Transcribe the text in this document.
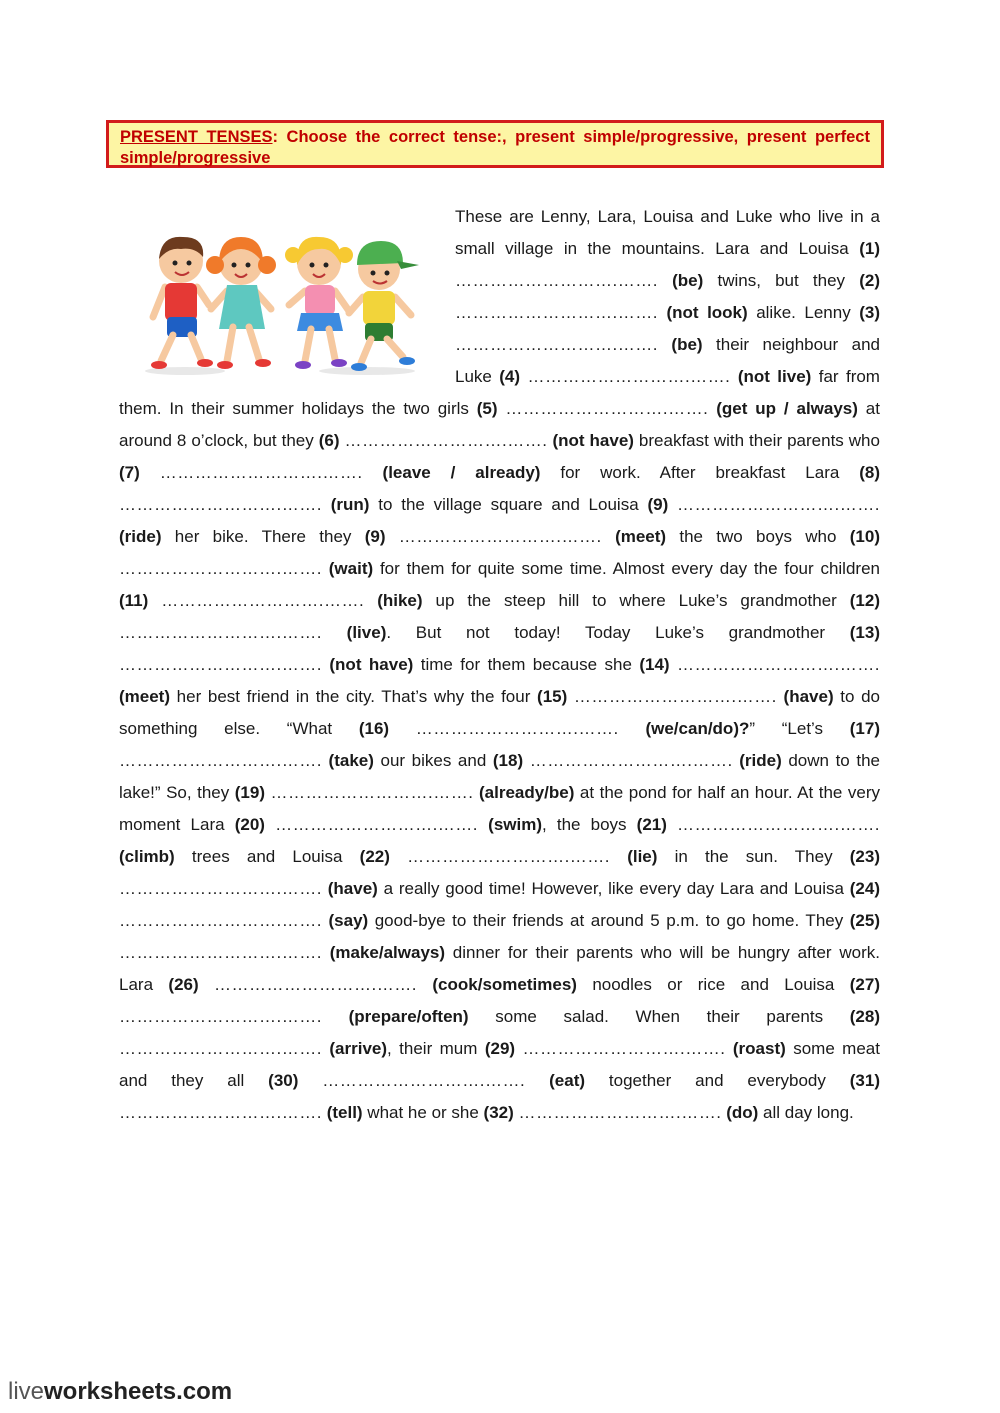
PRESENT TENSES: Choose the correct tense:, present simple/progressive, present perfect simple/progressive
These are Lenny, Lara, Louisa and Luke who live in a small village in the mountains. Lara and Louisa (1) ……………………….……. (be) twins, but they (2) ……………………….……. (not look) alike. Lenny (3) ……………………….……. (be) their neighbour and Luke (4) ……………………….……. (not live) far from them. In their summer holidays the two girls (5) ……………………….……. (get up / always) at around 8 o’clock, but they (6) ……………………….……. (not have) breakfast with their parents who (7) ……………………….……. (leave / already) for work. After breakfast Lara (8) ……………………….……. (run) to the village square and Louisa (9) ……………………….……. (ride) her bike. There they (9) ……………………….……. (meet) the two boys who (10) ……………………….……. (wait) for them for quite some time. Almost every day the four children (11) ……………………….……. (hike) up the steep hill to where Luke’s grandmother (12) ……………………….……. (live). But not today! Today Luke’s grandmother (13) ……………………….……. (not have) time for them because she (14) ……………………….……. (meet) her best friend in the city. That’s why the four (15) ……………………….……. (have) to do something else. “What (16) ……………………….……. (we/can/do)?” “Let’s (17) ……………………….……. (take) our bikes and (18) ……………………….……. (ride) down to the lake!” So, they (19) ……………………….……. (already/be) at the pond for half an hour. At the very moment Lara (20) ……………………….……. (swim), the boys (21) ……………………….……. (climb) trees and Louisa (22) ……………………….……. (lie) in the sun. They (23) ……………………….……. (have) a really good time! However, like every day Lara and Louisa (24) ……………………….……. (say) good-bye to their friends at around 5 p.m. to go home. They (25) ……………………….……. (make/always) dinner for their parents who will be hungry after work. Lara (26) ……………………….……. (cook/sometimes) noodles or rice and Louisa (27) ……………………….……. (prepare/often) some salad. When their parents (28) ……………………….……. (arrive), their mum (29) ……………………….……. (roast) some meat and they all (30) ……………………….……. (eat) together and everybody (31) ……………………….……. (tell) what he or she (32) ……………………….……. (do) all day long.
liveworksheets.com
